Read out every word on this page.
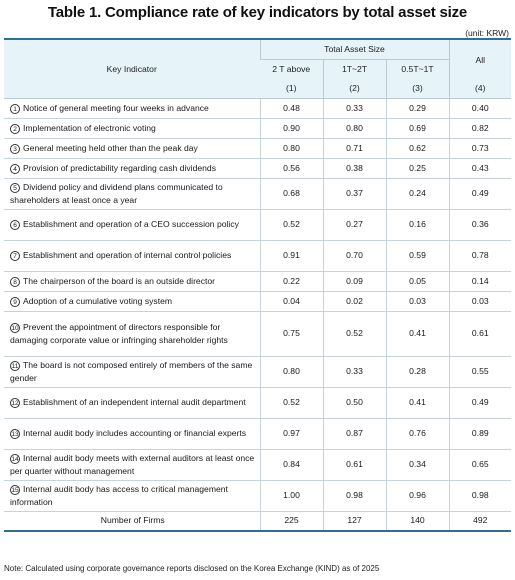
Table 1. Compliance rate of key indicators by total asset size
(unit: KRW)
Key Indicator	Total Asset Size			All
	2 T above	1T~2T	0.5T~1T	
	(1)	(2)	(3)	(4)
1 Notice of general meeting four weeks in advance	0.48	0.33	0.29	0.40
2 Implementation of electronic voting	0.90	0.80	0.69	0.82
3 General meeting held other than the peak day	0.80	0.71	0.62	0.73
4 Provision of predictability regarding cash dividends	0.56	0.38	0.25	0.43
5 Dividend policy and dividend plans communicated to shareholders at least once a year	0.68	0.37	0.24	0.49
6 Establishment and operation of a CEO succession policy	0.52	0.27	0.16	0.36
7 Establishment and operation of internal control policies	0.91	0.70	0.59	0.78
8 The chairperson of the board is an outside director	0.22	0.09	0.05	0.14
9 Adoption of a cumulative voting system	0.04	0.02	0.03	0.03
10 Prevent the appointment of directors responsible for damaging corporate value or infringing shareholder rights	0.75	0.52	0.41	0.61
11 The board is not composed entirely of members of the same gender	0.80	0.33	0.28	0.55
12 Establishment of an independent internal audit department	0.52	0.50	0.41	0.49
13 Internal audit body includes accounting or financial experts	0.97	0.87	0.76	0.89
14 Internal audit body meets with external auditors at least once per quarter without management	0.84	0.61	0.34	0.65
15 Internal audit body has access to critical management information	1.00	0.98	0.96	0.98
Number of Firms	225	127	140	492
Note: Calculated using corporate governance reports disclosed on the Korea Exchange (KIND) as of 2025
